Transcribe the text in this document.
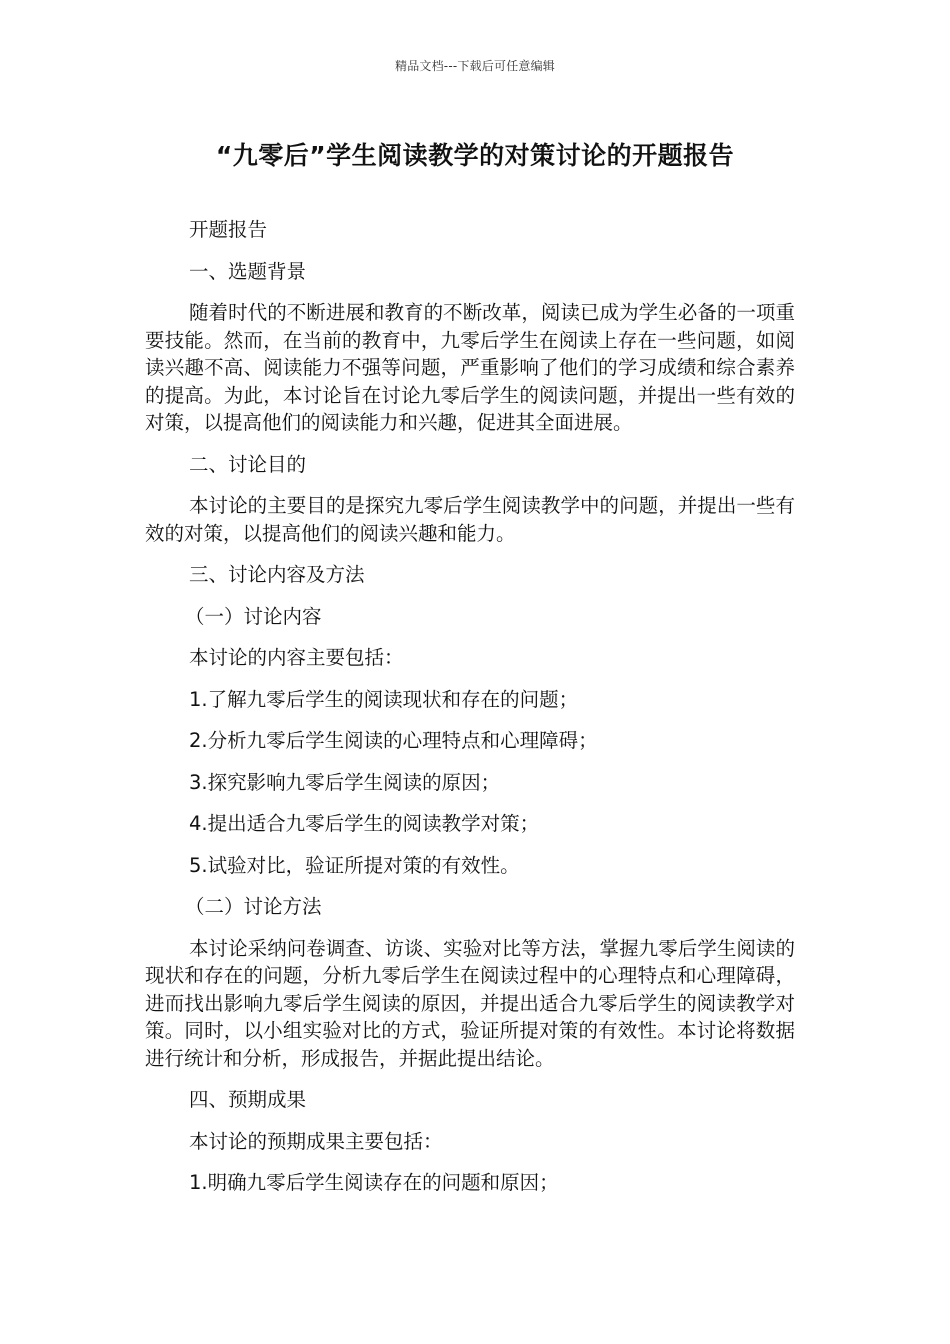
精品文档---下载后可任意编辑
“九零后”学生阅读教学的对策讨论的开题报告

开题报告

一、选题背景

随着时代的不断进展和教育的不断改革，阅读已成为学生必备的一项重要技能。然而，在当前的教育中，九零后学生在阅读上存在一些问题，如阅读兴趣不高、阅读能力不强等问题，严重影响了他们的学习成绩和综合素养的提高。为此，本讨论旨在讨论九零后学生的阅读问题，并提出一些有效的对策，以提高他们的阅读能力和兴趣，促进其全面进展。

二、讨论目的

本讨论的主要目的是探究九零后学生阅读教学中的问题，并提出一些有效的对策，以提高他们的阅读兴趣和能力。

三、讨论内容及方法

（一）讨论内容

本讨论的内容主要包括：

1.了解九零后学生的阅读现状和存在的问题；

2.分析九零后学生阅读的心理特点和心理障碍；

3.探究影响九零后学生阅读的原因；

4.提出适合九零后学生的阅读教学对策；

5.试验对比，验证所提对策的有效性。

（二）讨论方法

本讨论采纳问卷调查、访谈、实验对比等方法，掌握九零后学生阅读的现状和存在的问题，分析九零后学生在阅读过程中的心理特点和心理障碍，进而找出影响九零后学生阅读的原因，并提出适合九零后学生的阅读教学对策。同时，以小组实验对比的方式，验证所提对策的有效性。本讨论将数据进行统计和分析，形成报告，并据此提出结论。

四、预期成果

本讨论的预期成果主要包括：

1.明确九零后学生阅读存在的问题和原因；
